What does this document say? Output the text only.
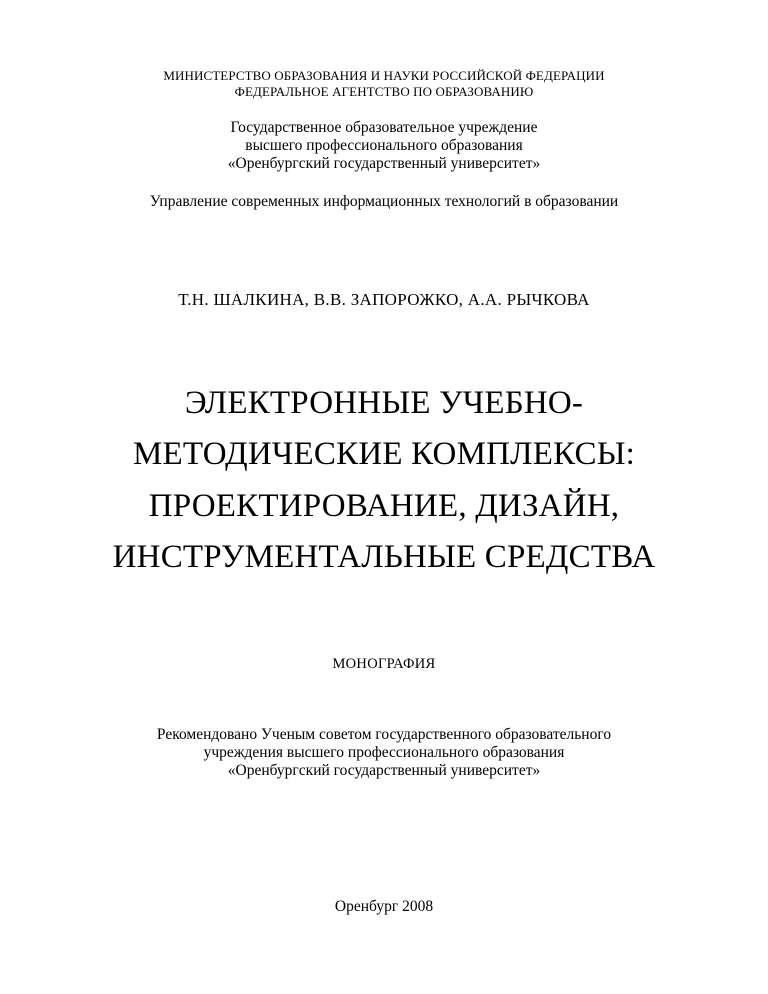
МИНИСТЕРСТВО ОБРАЗОВАНИЯ И НАУКИ РОССИЙСКОЙ ФЕДЕРАЦИИ
ФЕДЕРАЛЬНОЕ АГЕНТСТВО ПО ОБРАЗОВАНИЮ
Государственное образовательное учреждение
высшего профессионального образования
«Оренбургский государственный университет»
Управление современных информационных технологий в образовании
Т.Н. ШАЛКИНА, В.В. ЗАПОРОЖКО, А.А. РЫЧКОВА
ЭЛЕКТРОННЫЕ УЧЕБНО-
МЕТОДИЧЕСКИЕ КОМПЛЕКСЫ:
ПРОЕКТИРОВАНИЕ, ДИЗАЙН,
ИНСТРУМЕНТАЛЬНЫЕ СРЕДСТВА
МОНОГРАФИЯ
Рекомендовано Ученым советом государственного образовательного
учреждения высшего профессионального образования
«Оренбургский государственный университет»
Оренбург 2008
